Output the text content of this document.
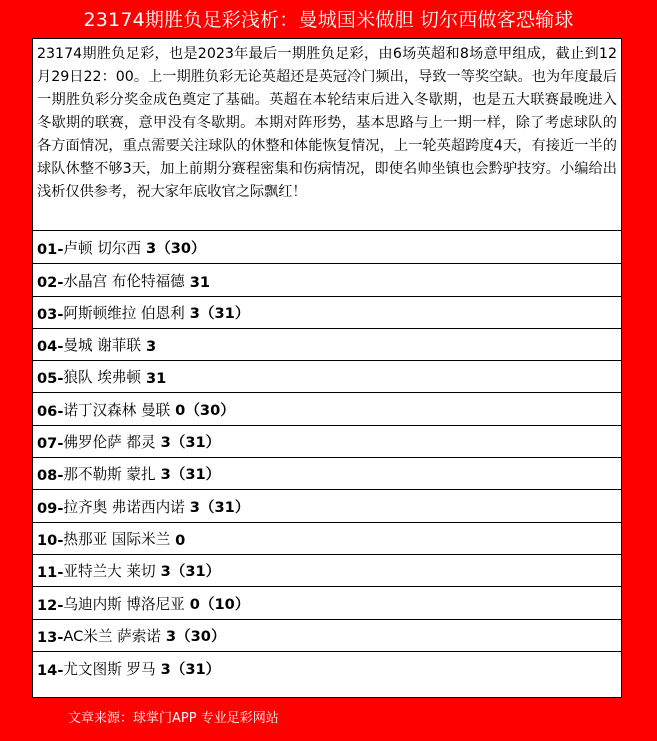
23174期胜负足彩浅析：曼城国米做胆 切尔西做客恐输球
23174期胜负足彩，也是2023年最后一期胜负足彩，由6场英超和8场意甲组成，截止到12月29日22：00。上一期胜负彩无论英超还是英冠冷门频出，导致一等奖空缺。也为年度最后一期胜负彩分奖金成色奠定了基础。英超在本轮结束后进入冬歇期，也是五大联赛最晚进入冬歇期的联赛，意甲没有冬歇期。本期对阵形势，基本思路与上一期一样，除了考虑球队的各方面情况，重点需要关注球队的休整和体能恢复情况，上一轮英超跨度4天，有接近一半的球队休整不够3天，加上前期分赛程密集和伤病情况，即使名帅坐镇也会黔驴技穷。小编给出浅析仅供参考，祝大家年底收官之际飘红！
01 - 卢顿 切尔西 3（30）
02 - 水晶宫 布伦特福德 31
03 - 阿斯顿维拉 伯恩利 3（31）
04 - 曼城 谢菲联 3
05 - 狼队 埃弗顿 31
06 - 诺丁汉森林 曼联 0（30）
07 - 佛罗伦萨 都灵 3（31）
08 - 那不勒斯 蒙扎 3（31）
09 - 拉齐奥 弗诺西内诺 3（31）
10 - 热那亚 国际米兰 0
11 - 亚特兰大 莱切 3（31）
12 - 乌迪内斯 博洛尼亚 0（10）
13 - AC米兰 萨索诺 3（30）
14 - 尤文图斯 罗马 3（31）
文章来源：球掌门APP 专业足彩网站
